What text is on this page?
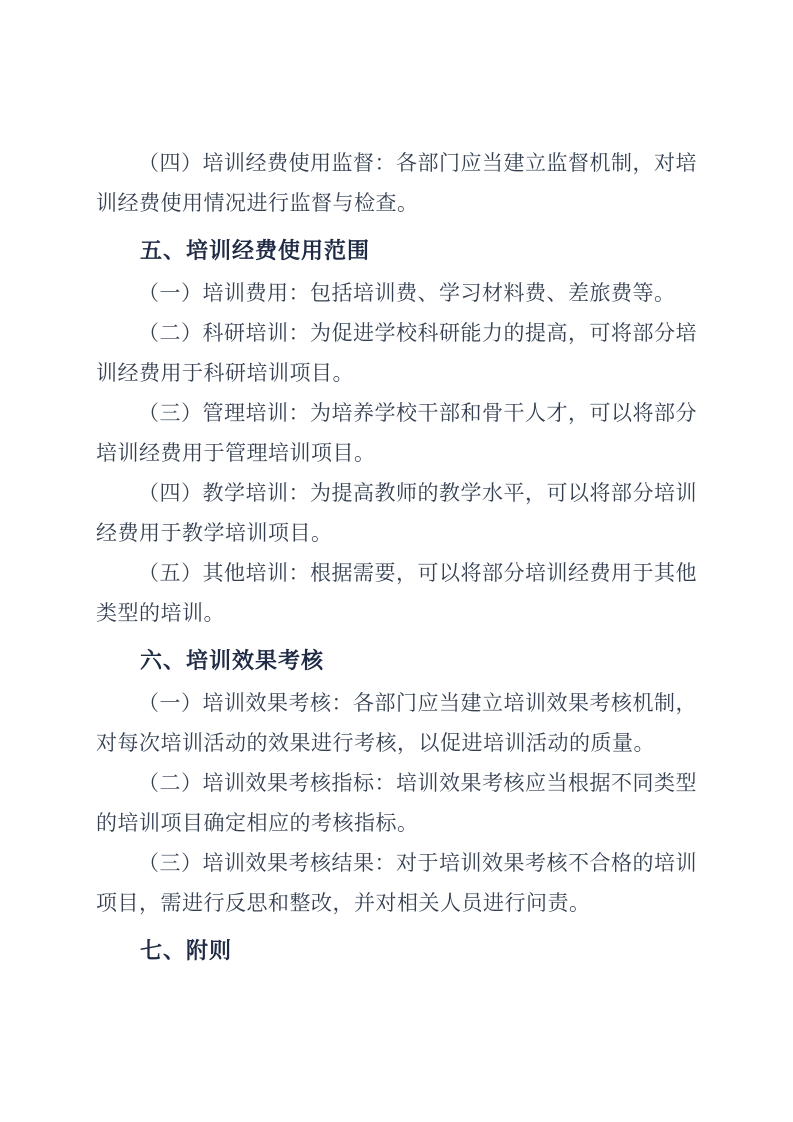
（四）培训经费使用监督：各部门应当建立监督机制，对培训经费使用情况进行监督与检查。

五、培训经费使用范围

（一）培训费用：包括培训费、学习材料费、差旅费等。

（二）科研培训：为促进学校科研能力的提高，可将部分培训经费用于科研培训项目。

（三）管理培训：为培养学校干部和骨干人才，可以将部分培训经费用于管理培训项目。

（四）教学培训：为提高教师的教学水平，可以将部分培训经费用于教学培训项目。

（五）其他培训：根据需要，可以将部分培训经费用于其他类型的培训。

六、培训效果考核

（一）培训效果考核：各部门应当建立培训效果考核机制，对每次培训活动的效果进行考核，以促进培训活动的质量。

（二）培训效果考核指标：培训效果考核应当根据不同类型的培训项目确定相应的考核指标。

（三）培训效果考核结果：对于培训效果考核不合格的培训项目，需进行反思和整改，并对相关人员进行问责。

七、附则
